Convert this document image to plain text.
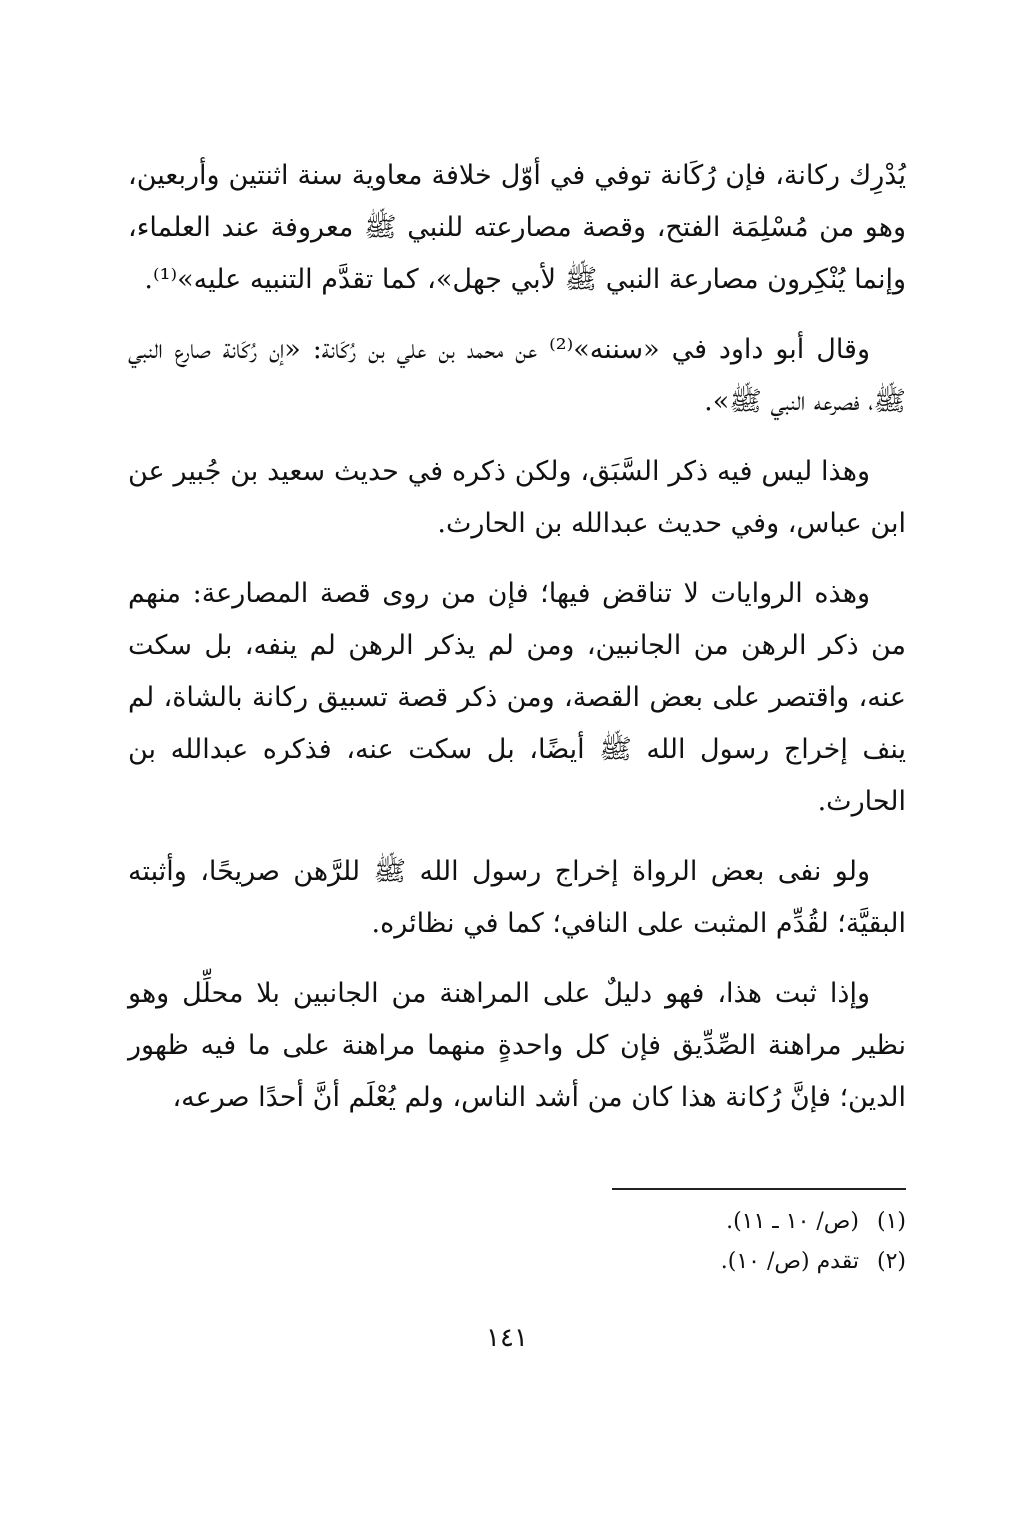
يُدْرِك ركانة، فإن رُكَانة توفي في أوّل خلافة معاوية سنة اثنتين وأربعين، وهو من مُسْلِمَة الفتح، وقصة مصارعته للنبي ﷺ معروفة عند العلماء، وإنما يُنْكِرون مصارعة النبي ﷺ لأبي جهل»، كما تقدَّم التنبيه عليه»⁽¹⁾.

وقال أبو داود في «سننه»⁽²⁾ عن محمد بن علي بن رُكَانة: «إن رُكَانة صارع النبي ﷺ، فصرعه النبي ﷺ».

وهذا ليس فيه ذكر السَّبَق، ولكن ذكره في حديث سعيد بن جُبير عن ابن عباس، وفي حديث عبدالله بن الحارث.

وهذه الروايات لا تناقض فيها؛ فإن من روى قصة المصارعة: منهم من ذكر الرهن من الجانبين، ومن لم يذكر الرهن لم ينفه، بل سكت عنه، واقتصر على بعض القصة، ومن ذكر قصة تسبيق ركانة بالشاة، لم ينف إخراج رسول الله ﷺ أيضًا، بل سكت عنه، فذكره عبدالله بن الحارث.

ولو نفى بعض الرواة إخراج رسول الله ﷺ للرَّهن صريحًا، وأثبته البقيَّة؛ لقُدِّم المثبت على النافي؛ كما في نظائره.

وإذا ثبت هذا، فهو دليلٌ على المراهنة من الجانبين بلا محلِّل وهو نظير مراهنة الصِّدِّيق فإن كل واحدةٍ منهما مراهنة على ما فيه ظهور الدين؛ فإنَّ رُكانة هذا كان من أشد الناس، ولم يُعْلَم أنَّ أحدًا صرعه،

(١)(ص/ ١٠ ـ ١١).
(٢)تقدم (ص/ ١٠).
١٤١
